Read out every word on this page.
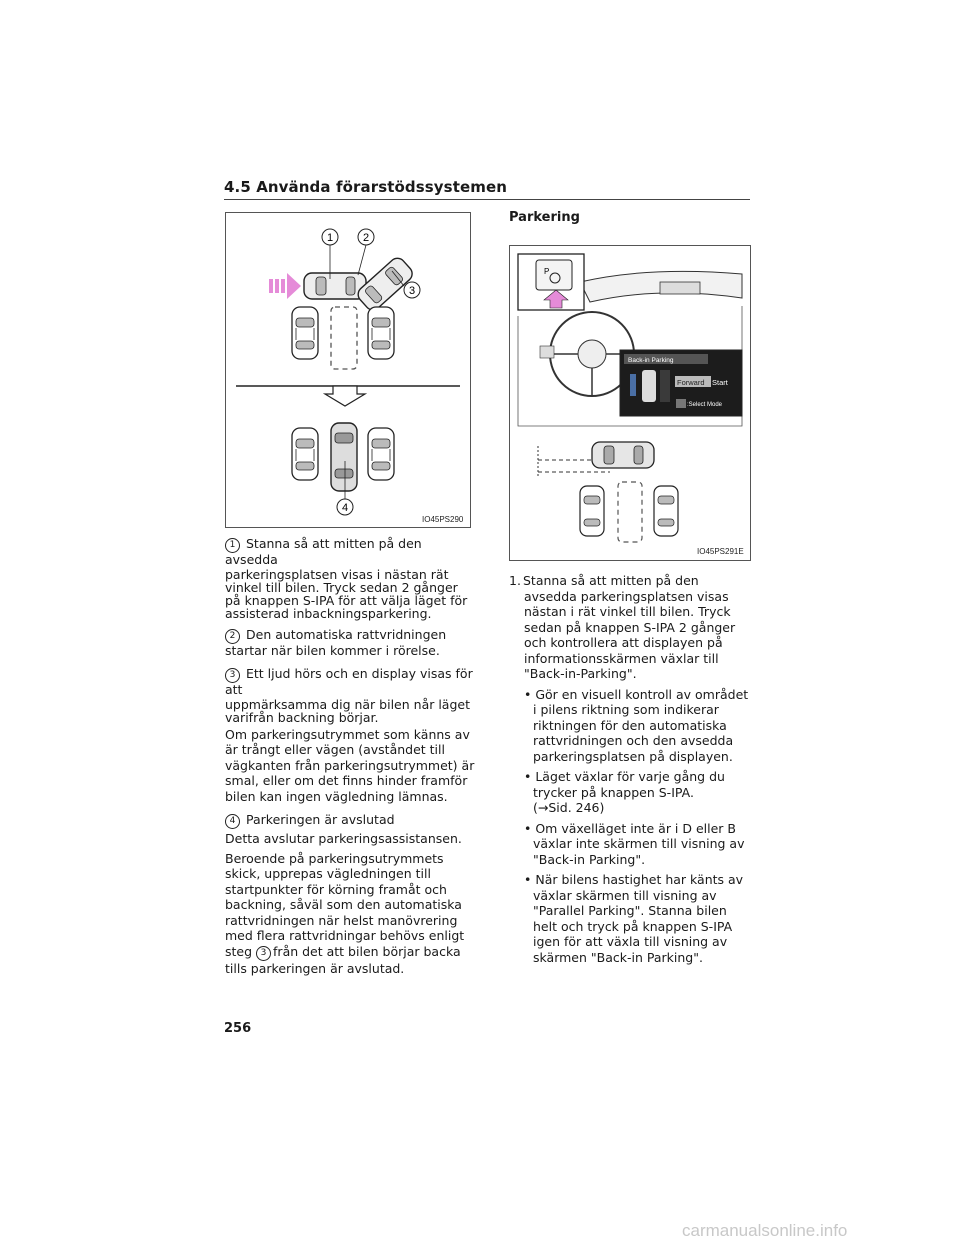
4.5 Använda förarstödssystemen
1	2
3
4
IO45PS290

1 Stanna så att mitten på den avsedda

parkeringsplatsen visas i nästan rät vinkel till bilen. Tryck sedan 2 gånger på knappen S-IPA för att välja läget för assisterad inbackningsparkering.

2 Den automatiska rattvridningen

startar när bilen kommer i rörelse.

3 Ett ljud hörs och en display visas för att

uppmärksamma dig när bilen når läget varifrån backning börjar.

Om parkeringsutrymmet som känns av är trångt eller vägen (avståndet till vägkanten från parkeringsutrymmet) är smal, eller om det finns hinder framför bilen kan ingen vägledning lämnas.

4 Parkeringen är avslutad

Detta avslutar parkeringsassistansen.

Beroende på parkeringsutrymmets skick, upprepas vägledningen till startpunkter för körning framåt och backning, såväl som den automatiska rattvridningen när helst manövrering med flera rattvridningar behövs enligt steg 3 från det att bilen börjar backa tills parkeringen är avslutad.

Parkering
P
Back-in Parking
Forward Start
:Select Mode
IO45PS291E

1. Stanna så att mitten på den avsedda parkeringsplatsen visas nästan i rät vinkel till bilen. Tryck sedan på knappen S-IPA 2 gånger och kontrollera att displayen på informationsskärmen växlar till "Back-in-Parking".

• Gör en visuell kontroll av området i pilens riktning som indikerar riktningen för den automatiska rattvridningen och den avsedda parkeringsplatsen på displayen.

• Läget växlar för varje gång du trycker på knappen S-IPA.
(→Sid. 246)

• Om växelläget inte är i D eller B växlar inte skärmen till visning av "Back-in Parking".

• När bilens hastighet har känts av växlar skärmen till visning av "Parallel Parking". Stanna bilen helt och tryck på knappen S-IPA igen för att växla till visning av skärmen "Back-in Parking".

256
carmanualsonline.info
